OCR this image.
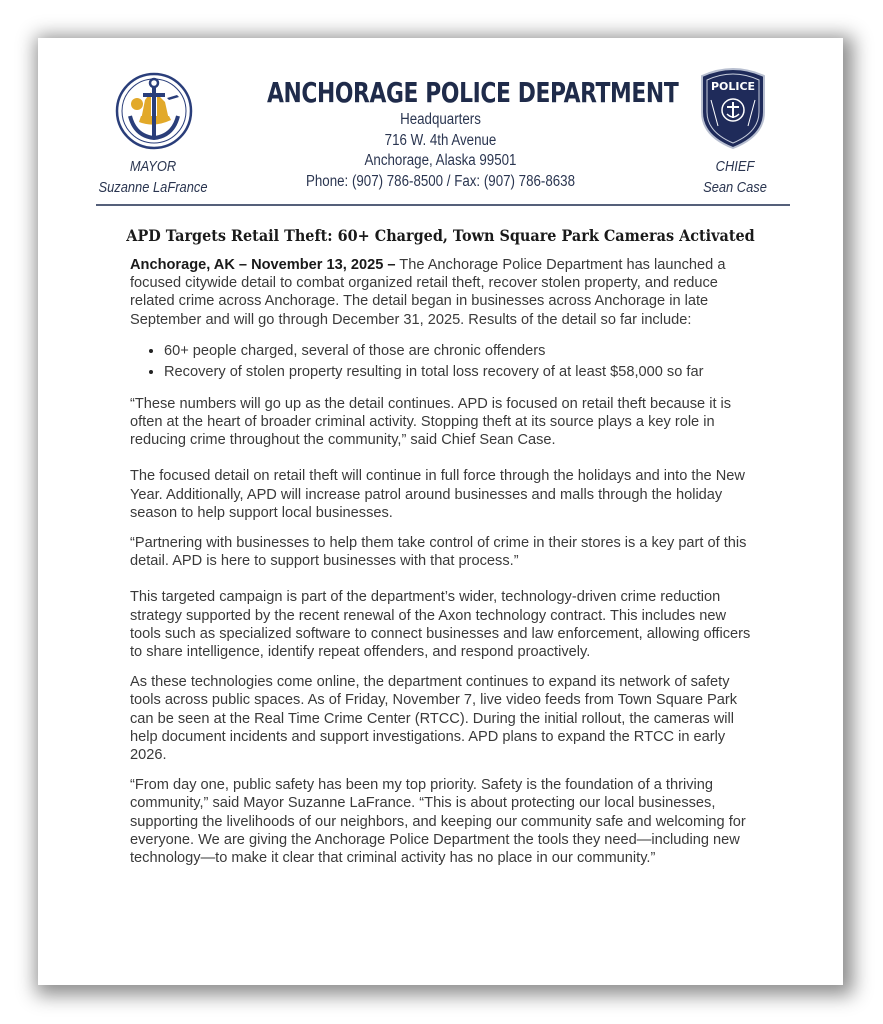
POLICE
MAYOR
Suzanne LaFrance
ANCHORAGE POLICE DEPARTMENT
Headquarters
716 W. 4th Avenue
Anchorage, Alaska 99501
Phone: (907) 786-8500 / Fax: (907) 786-8638
CHIEF
Sean Case
APD Targets Retail Theft: 60+ Charged, Town Square Park Cameras Activated

Anchorage, AK – November 13, 2025 – The Anchorage Police Department has launched a focused citywide detail to combat organized retail theft, recover stolen property, and reduce related crime across Anchorage. The detail began in businesses across Anchorage in late September and will go through December 31, 2025. Results of the detail so far include:

• 60+ people charged, several of those are chronic offenders
• Recovery of stolen property resulting in total loss recovery of at least $58,000 so far

“These numbers will go up as the detail continues. APD is focused on retail theft because it is often at the heart of broader criminal activity. Stopping theft at its source plays a key role in reducing crime throughout the community,” said Chief Sean Case.

The focused detail on retail theft will continue in full force through the holidays and into the New Year. Additionally, APD will increase patrol around businesses and malls through the holiday season to help support local businesses.

“Partnering with businesses to help them take control of crime in their stores is a key part of this detail. APD is here to support businesses with that process.”

This targeted campaign is part of the department’s wider, technology-driven crime reduction strategy supported by the recent renewal of the Axon technology contract. This includes new tools such as specialized software to connect businesses and law enforcement, allowing officers to share intelligence, identify repeat offenders, and respond proactively.

As these technologies come online, the department continues to expand its network of safety tools across public spaces. As of Friday, November 7, live video feeds from Town Square Park can be seen at the Real Time Crime Center (RTCC). During the initial rollout, the cameras will help document incidents and support investigations. APD plans to expand the RTCC in early 2026.

“From day one, public safety has been my top priority. Safety is the foundation of a thriving community,” said Mayor Suzanne LaFrance. “This is about protecting our local businesses, supporting the livelihoods of our neighbors, and keeping our community safe and welcoming for everyone. We are giving the Anchorage Police Department the tools they need—including new technology—to make it clear that criminal activity has no place in our community.”
